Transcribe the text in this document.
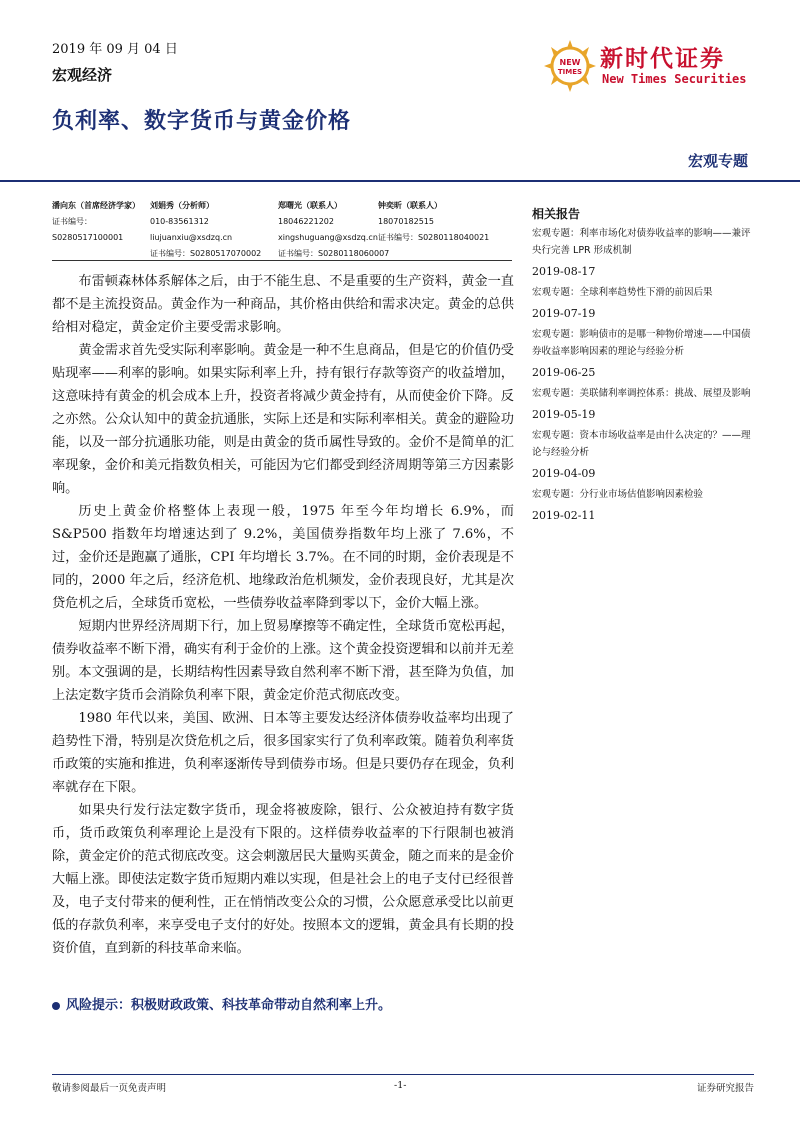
2019 年 09 月 04 日
宏观经济
负利率、数字货币与黄金价格
宏观专题
NEW
TIMES 新时代证券
New Times Securities
潘向东（首席经济学家）
证书编号：
S0280517100001
刘娟秀（分析师）
010-83561312
liujuanxiu@xsdzq.cn
证书编号：S0280517070002
郑曙光（联系人）
18046221202
xingshuguang@xsdzq.cn
证书编号：S0280118060007
钟奕昕（联系人）
18070182515
证书编号：S0280118040021

布雷顿森林体系解体之后，由于不能生息、不是重要的生产资料，黄金一直都不是主流投资品。黄金作为一种商品，其价格由供给和需求决定。黄金的总供给相对稳定，黄金定价主要受需求影响。

黄金需求首先受实际利率影响。黄金是一种不生息商品，但是它的价值仍受贴现率——利率的影响。如果实际利率上升，持有银行存款等资产的收益增加，这意味持有黄金的机会成本上升，投资者将减少黄金持有，从而使金价下降。反之亦然。公众认知中的黄金抗通胀，实际上还是和实际利率相关。黄金的避险功能，以及一部分抗通胀功能，则是由黄金的货币属性导致的。金价不是简单的汇率现象，金价和美元指数负相关，可能因为它们都受到经济周期等第三方因素影响。

历史上黄金价格整体上表现一般，1975 年至今年均增长 6.9%，而 S&P500 指数年均增速达到了 9.2%，美国债券指数年均上涨了 7.6%，不过，金价还是跑赢了通胀，CPI 年均增长 3.7%。在不同的时期，金价表现是不同的，2000 年之后，经济危机、地缘政治危机频发，金价表现良好，尤其是次贷危机之后，全球货币宽松，一些债券收益率降到零以下，金价大幅上涨。

短期内世界经济周期下行，加上贸易摩擦等不确定性，全球货币宽松再起，债券收益率不断下滑，确实有利于金价的上涨。这个黄金投资逻辑和以前并无差别。本文强调的是，长期结构性因素导致自然利率不断下滑，甚至降为负值，加上法定数字货币会消除负利率下限，黄金定价范式彻底改变。

1980 年代以来，美国、欧洲、日本等主要发达经济体债券收益率均出现了趋势性下滑，特别是次贷危机之后，很多国家实行了负利率政策。随着负利率货币政策的实施和推进，负利率逐渐传导到债券市场。但是只要仍存在现金，负利率就存在下限。

如果央行发行法定数字货币，现金将被废除，银行、公众被迫持有数字货币，货币政策负利率理论上是没有下限的。这样债券收益率的下行限制也被消除，黄金定价的范式彻底改变。这会刺激居民大量购买黄金，随之而来的是金价大幅上涨。即使法定数字货币短期内难以实现，但是社会上的电子支付已经很普及，电子支付带来的便利性，正在悄悄改变公众的习惯，公众愿意承受比以前更低的存款负利率，来享受电子支付的好处。按照本文的逻辑，黄金具有长期的投资价值，直到新的科技革命来临。

风险提示：积极财政政策、科技革命带动自然利率上升。
相关报告
宏观专题：利率市场化对债券收益率的影响——兼评央行完善 LPR 形成机制
2019-08-17
宏观专题：全球利率趋势性下滑的前因后果
2019-07-19
宏观专题：影响债市的是哪一种物价增速——中国债券收益率影响因素的理论与经验分析
2019-06-25
宏观专题：美联储利率调控体系：挑战、展望及影响
2019-05-19
宏观专题：资本市场收益率是由什么决定的？——理论与经验分析
2019-04-09
宏观专题：分行业市场估值影响因素检验
2019-02-11
敬请参阅最后一页免责声明	-1-	证券研究报告
